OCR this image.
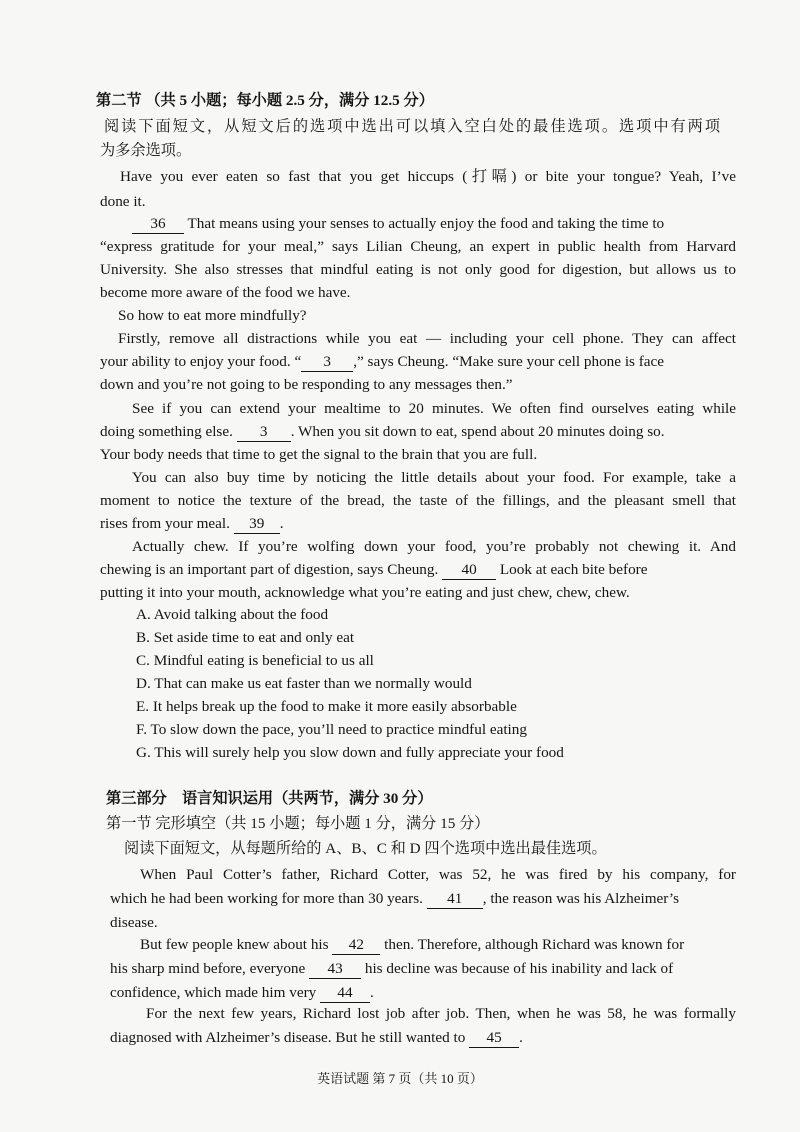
第二节 （共 5 小题；每小题 2.5 分，满分 12.5 分）
阅读下面短文，从短文后的选项中选出可以填入空白处的最佳选项。选项中有两项
为多余选项。
Have you ever eaten so fast that you get hiccups (打嗝) or bite your tongue? Yeah, I’ve
done it.
36 That means using your senses to actually enjoy the food and taking the time to
“express gratitude for your meal,” says Lilian Cheung, an expert in public health from Harvard
University. She also stresses that mindful eating is not only good for digestion, but allows us to
become more aware of the food we have.
So how to eat more mindfully?
Firstly, remove all distractions while you eat — including your cell phone. They can affect
your ability to enjoy your food. “ 3 ,” says Cheung. “Make sure your cell phone is face
down and you’re not going to be responding to any messages then.”
See if you can extend your mealtime to 20 minutes. We often find ourselves eating while
doing something else. 3 . When you sit down to eat, spend about 20 minutes doing so.
Your body needs that time to get the signal to the brain that you are full.
You can also buy time by noticing the little details about your food. For example, take a
moment to notice the texture of the bread, the taste of the fillings, and the pleasant smell that
rises from your meal. 39 .
Actually chew. If you’re wolfing down your food, you’re probably not chewing it. And
chewing is an important part of digestion, says Cheung. 40 Look at each bite before
putting it into your mouth, acknowledge what you’re eating and just chew, chew, chew.
A. Avoid talking about the food
B. Set aside time to eat and only eat
C. Mindful eating is beneficial to us all
D. That can make us eat faster than we normally would
E. It helps break up the food to make it more easily absorbable
F. To slow down the pace, you’ll need to practice mindful eating
G. This will surely help you slow down and fully appreciate your food
第三部分　语言知识运用（共两节，满分 30 分）
第一节 完形填空（共 15 小题；每小题 1 分，满分 15 分）
阅读下面短文，从每题所给的 A、B、C 和 D 四个选项中选出最佳选项。
When Paul Cotter’s father, Richard Cotter, was 52, he was fired by his company, for
which he had been working for more than 30 years. 41 , the reason was his Alzheimer’s
disease.
But few people knew about his 42 then. Therefore, although Richard was known for
his sharp mind before, everyone 43 his decline was because of his inability and lack of
confidence, which made him very 44 .
For the next few years, Richard lost job after job. Then, when he was 58, he was formally
diagnosed with Alzheimer’s disease. But he still wanted to 45 .
英语试题 第 7 页（共 10 页）
